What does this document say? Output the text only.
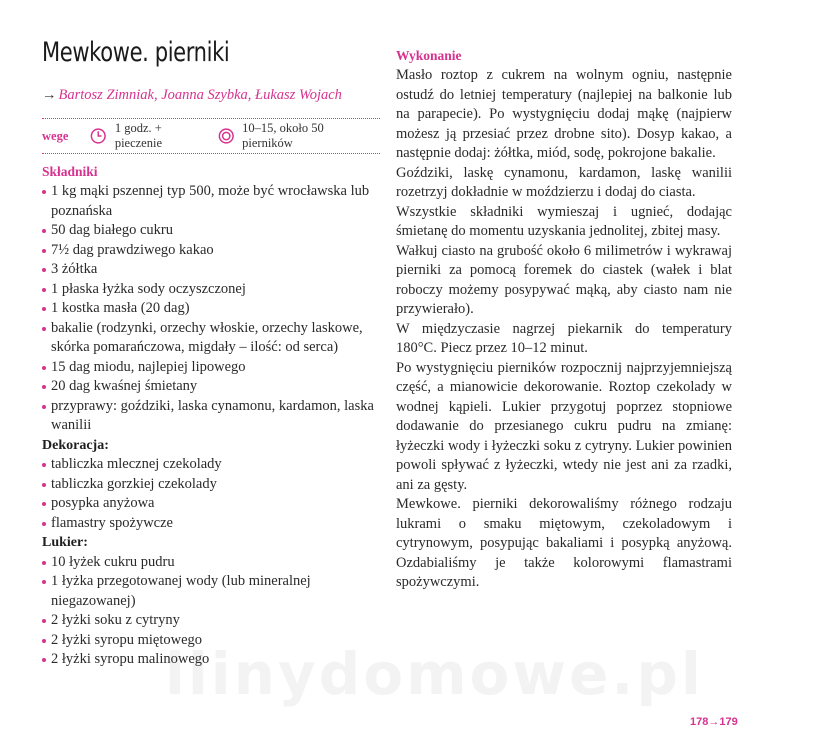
Mewkowe. pierniki
→ Bartosz Zimniak, Joanna Szybka, Łukasz Wojach
wege
1 godz. + pieczenie
10–15, około 50 pierników
Składniki
1 kg mąki pszennej typ 500, może być wrocławska lub poznańska
50 dag białego cukru
7½ dag prawdziwego kakao
3 żółtka
1 płaska łyżka sody oczyszczonej
1 kostka masła (20 dag)
bakalie (rodzynki, orzechy włoskie, orzechy laskowe, skórka pomarańczowa, migdały – ilość: od serca)
15 dag miodu, najlepiej lipowego
20 dag kwaśnej śmietany
przyprawy: goździki, laska cynamonu, kardamon, laska wanilii
Dekoracja:
tabliczka mlecznej czekolady
tabliczka gorzkiej czekolady
posypka anyżowa
flamastry spożywcze
Lukier:
10 łyżek cukru pudru
1 łyżka przegotowanej wody (lub mineralnej niegazowanej)
2 łyżki soku z cytryny
2 łyżki syropu miętowego
2 łyżki syropu malinowego
Wykonanie

Masło roztop z cukrem na wolnym ogniu, następnie ostudź do letniej temperatury (najlepiej na balkonie lub na parapecie). Po wystygnięciu dodaj mąkę (najpierw możesz ją przesiać przez drobne sito). Dosyp kakao, a następnie dodaj: żółtka, miód, sodę, pokrojone bakalie.

Goździki, laskę cynamonu, kardamon, laskę wanilii rozetrzyj dokładnie w moździerzu i dodaj do ciasta.

Wszystkie składniki wymieszaj i ugnieć, dodając śmietanę do momentu uzyskania jednolitej, zbitej masy.

Wałkuj ciasto na grubość około 6 milimetrów i wykrawaj pierniki za pomocą foremek do ciastek (wałek i blat roboczy możemy posypywać mąką, aby ciasto nam nie przywierało).

W międzyczasie nagrzej piekarnik do temperatury 180°C. Piecz przez 10–12 minut.

Po wystygnięciu pierników rozpocznij najprzyjemniejszą część, a mianowicie dekorowanie. Roztop czekolady w wodnej kąpieli. Lukier przygotuj poprzez stopniowe dodawanie do przesianego cukru pudru na zmianę: łyżeczki wody i łyżeczki soku z cytryny. Lukier powinien powoli spływać z łyżeczki, wtedy nie jest ani za rzadki, ani za gęsty.

Mewkowe. pierniki dekorowaliśmy różnego rodzaju lukrami o smaku miętowym, czekoladowym i cytrynowym, posypując bakaliami i posypką anyżową. Ozdabialiśmy je także kolorowymi flamastrami spożywczymi.

llinydomowe.pl
178→179
